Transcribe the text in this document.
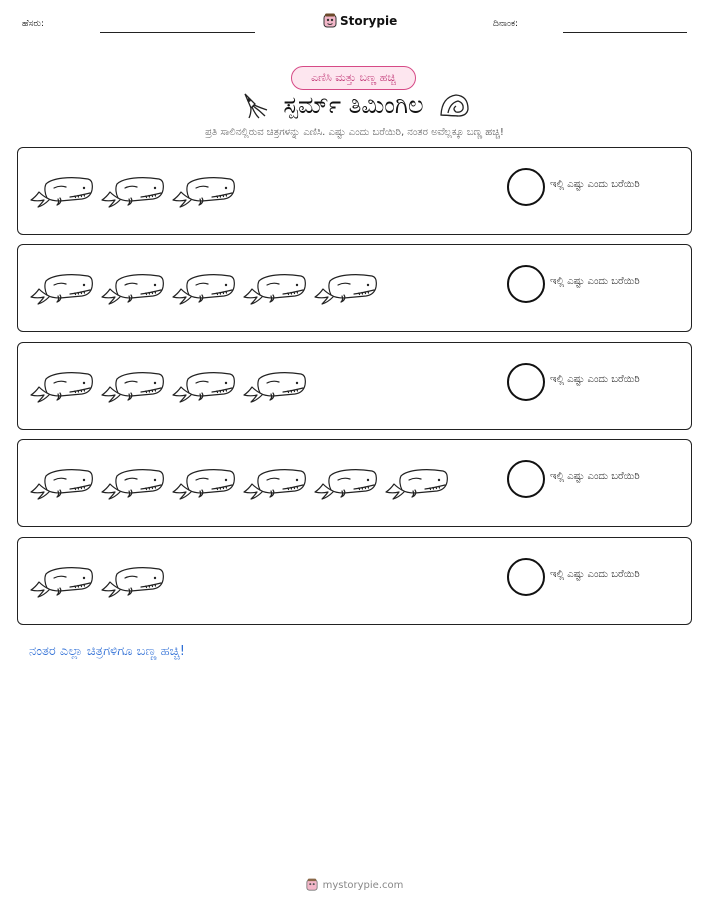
ಹೆಸರು:	Storypie	ದಿನಾಂಕ:
ಎಣಿಸಿ ಮತ್ತು ಬಣ್ಣ ಹಚ್ಚಿ
ಸ್ಪರ್ಮ್ ತಿಮಿಂಗಿಲ
ಪ್ರತಿ ಸಾಲಿನಲ್ಲಿರುವ ಚಿತ್ರಗಳನ್ನು ಎಣಿಸಿ. ಎಷ್ಟು ಎಂದು ಬರೆಯಿರಿ, ನಂತರ ಅವೆಲ್ಲಕ್ಕೂ ಬಣ್ಣ ಹಚ್ಚಿ!
ಇಲ್ಲಿ ಎಷ್ಟು ಎಂದು ಬರೆಯಿರಿ
ಇಲ್ಲಿ ಎಷ್ಟು ಎಂದು ಬರೆಯಿರಿ
ಇಲ್ಲಿ ಎಷ್ಟು ಎಂದು ಬರೆಯಿರಿ
ಇಲ್ಲಿ ಎಷ್ಟು ಎಂದು ಬರೆಯಿರಿ
ಇಲ್ಲಿ ಎಷ್ಟು ಎಂದು ಬರೆಯಿರಿ
ನಂತರ ಎಲ್ಲಾ ಚಿತ್ರಗಳಿಗೂ ಬಣ್ಣ ಹಚ್ಚಿ!
mystorypie.com
